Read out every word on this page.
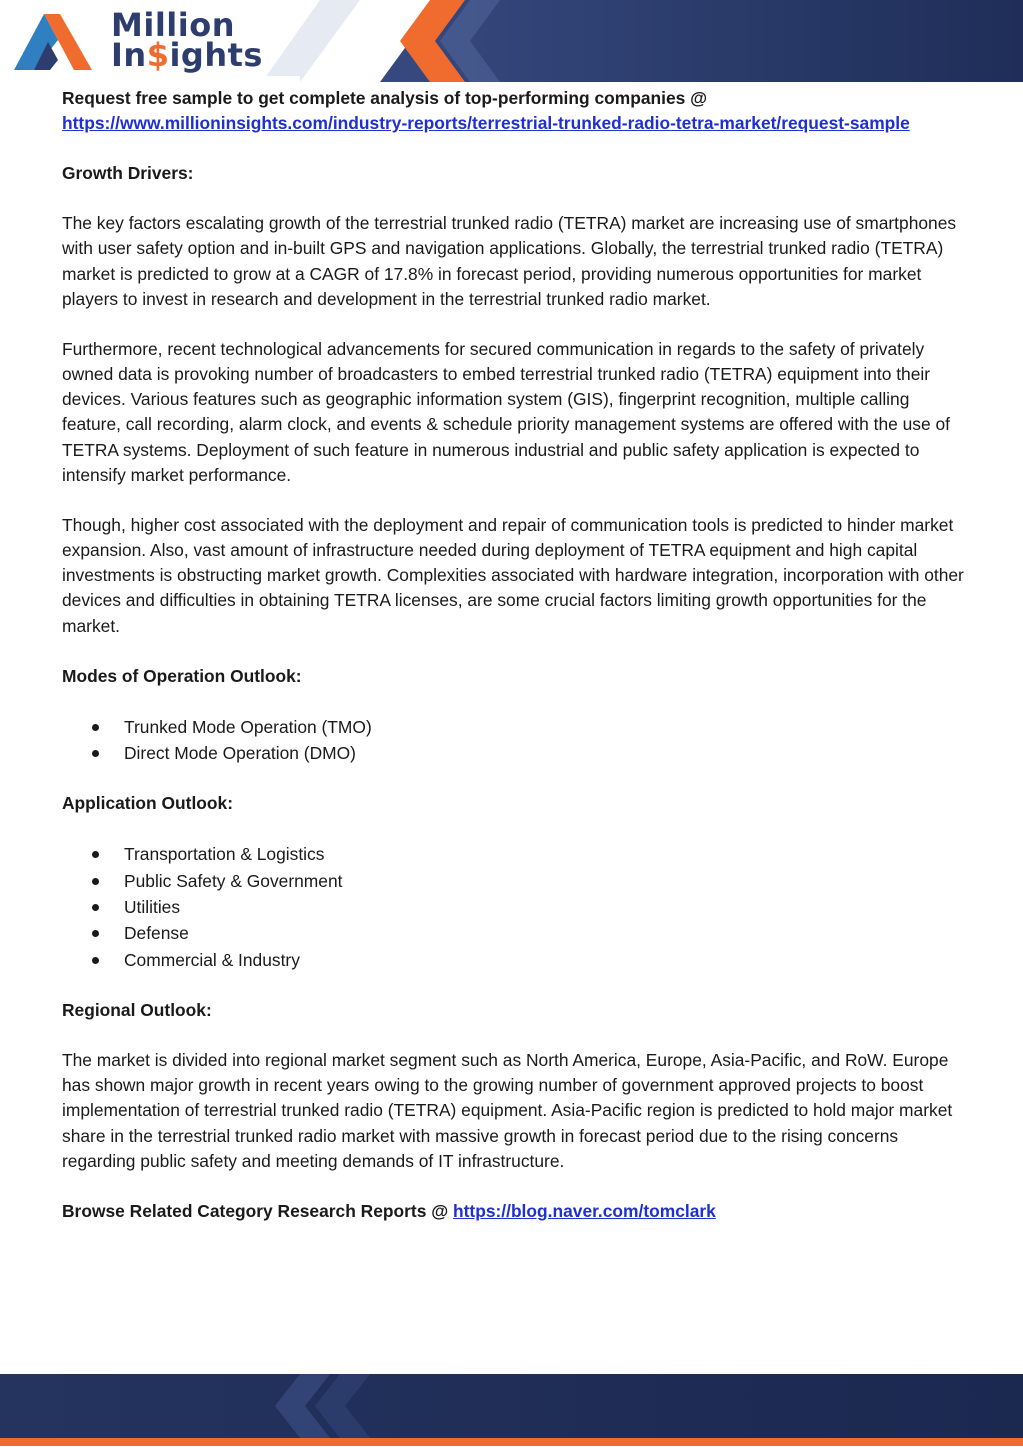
Million
In$ights

Request free sample to get complete analysis of top-performing companies @ https://www.millioninsights.com/industry-reports/terrestrial-trunked-radio-tetra-market/request-sample

Growth Drivers:

The key factors escalating growth of the terrestrial trunked radio (TETRA) market are increasing use of smartphones with user safety option and in-built GPS and navigation applications. Globally, the terrestrial trunked radio (TETRA) market is predicted to grow at a CAGR of 17.8% in forecast period, providing numerous opportunities for market players to invest in research and development in the terrestrial trunked radio market.

Furthermore, recent technological advancements for secured communication in regards to the safety of privately owned data is provoking number of broadcasters to embed terrestrial trunked radio (TETRA) equipment into their devices. Various features such as geographic information system (GIS), fingerprint recognition, multiple calling feature, call recording, alarm clock, and events & schedule priority management systems are offered with the use of TETRA systems. Deployment of such feature in numerous industrial and public safety application is expected to intensify market performance.

Though, higher cost associated with the deployment and repair of communication tools is predicted to hinder market expansion. Also, vast amount of infrastructure needed during deployment of TETRA equipment and high capital investments is obstructing market growth. Complexities associated with hardware integration, incorporation with other devices and difficulties in obtaining TETRA licenses, are some crucial factors limiting growth opportunities for the market.

Modes of Operation Outlook:

Trunked Mode Operation (TMO)
Direct Mode Operation (DMO)

Application Outlook:

Transportation & Logistics
Public Safety & Government
Utilities
Defense
Commercial & Industry

Regional Outlook:

The market is divided into regional market segment such as North America, Europe, Asia-Pacific, and RoW. Europe has shown major growth in recent years owing to the growing number of government approved projects to boost implementation of terrestrial trunked radio (TETRA) equipment. Asia-Pacific region is predicted to hold major market share in the terrestrial trunked radio market with massive growth in forecast period due to the rising concerns regarding public safety and meeting demands of IT infrastructure.

Browse Related Category Research Reports @ https://blog.naver.com/tomclark
